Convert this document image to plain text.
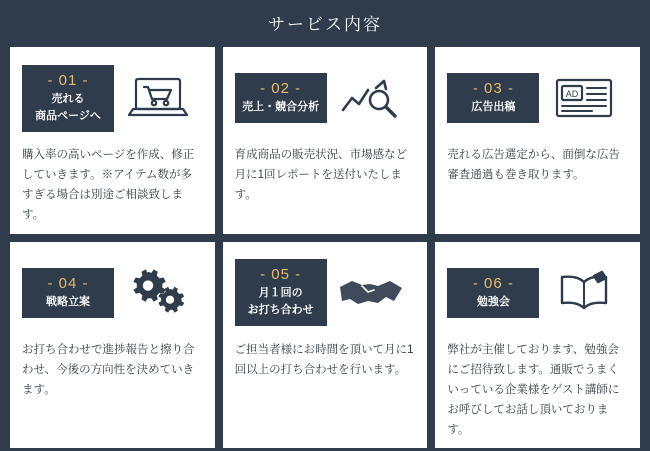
サービス内容
- 01 -
売れる
商品ページへ
購入率の高いページを作成、修正していきます。※アイテム数が多すぎる場合は別途ご相談致します。
- 02 -
売上・競合分析
育成商品の販売状況、市場感など月に1回レポートを送付いたします。
- 03 -
広告出稿
AD
売れる広告選定から、面倒な広告審査通過も巻き取ります。
- 04 -
戦略立案
お打ち合わせで進捗報告と擦り合わせ、今後の方向性を決めていきます。
- 05 -
月１回の
お打ち合わせ
ご担当者様にお時間を頂いて月に1回以上の打ち合わせを行います。
- 06 -
勉強会
弊社が主催しております、勉強会にご招待致します。通販でうまくいっている企業様をゲスト講師にお呼びしてお話し頂いております。
